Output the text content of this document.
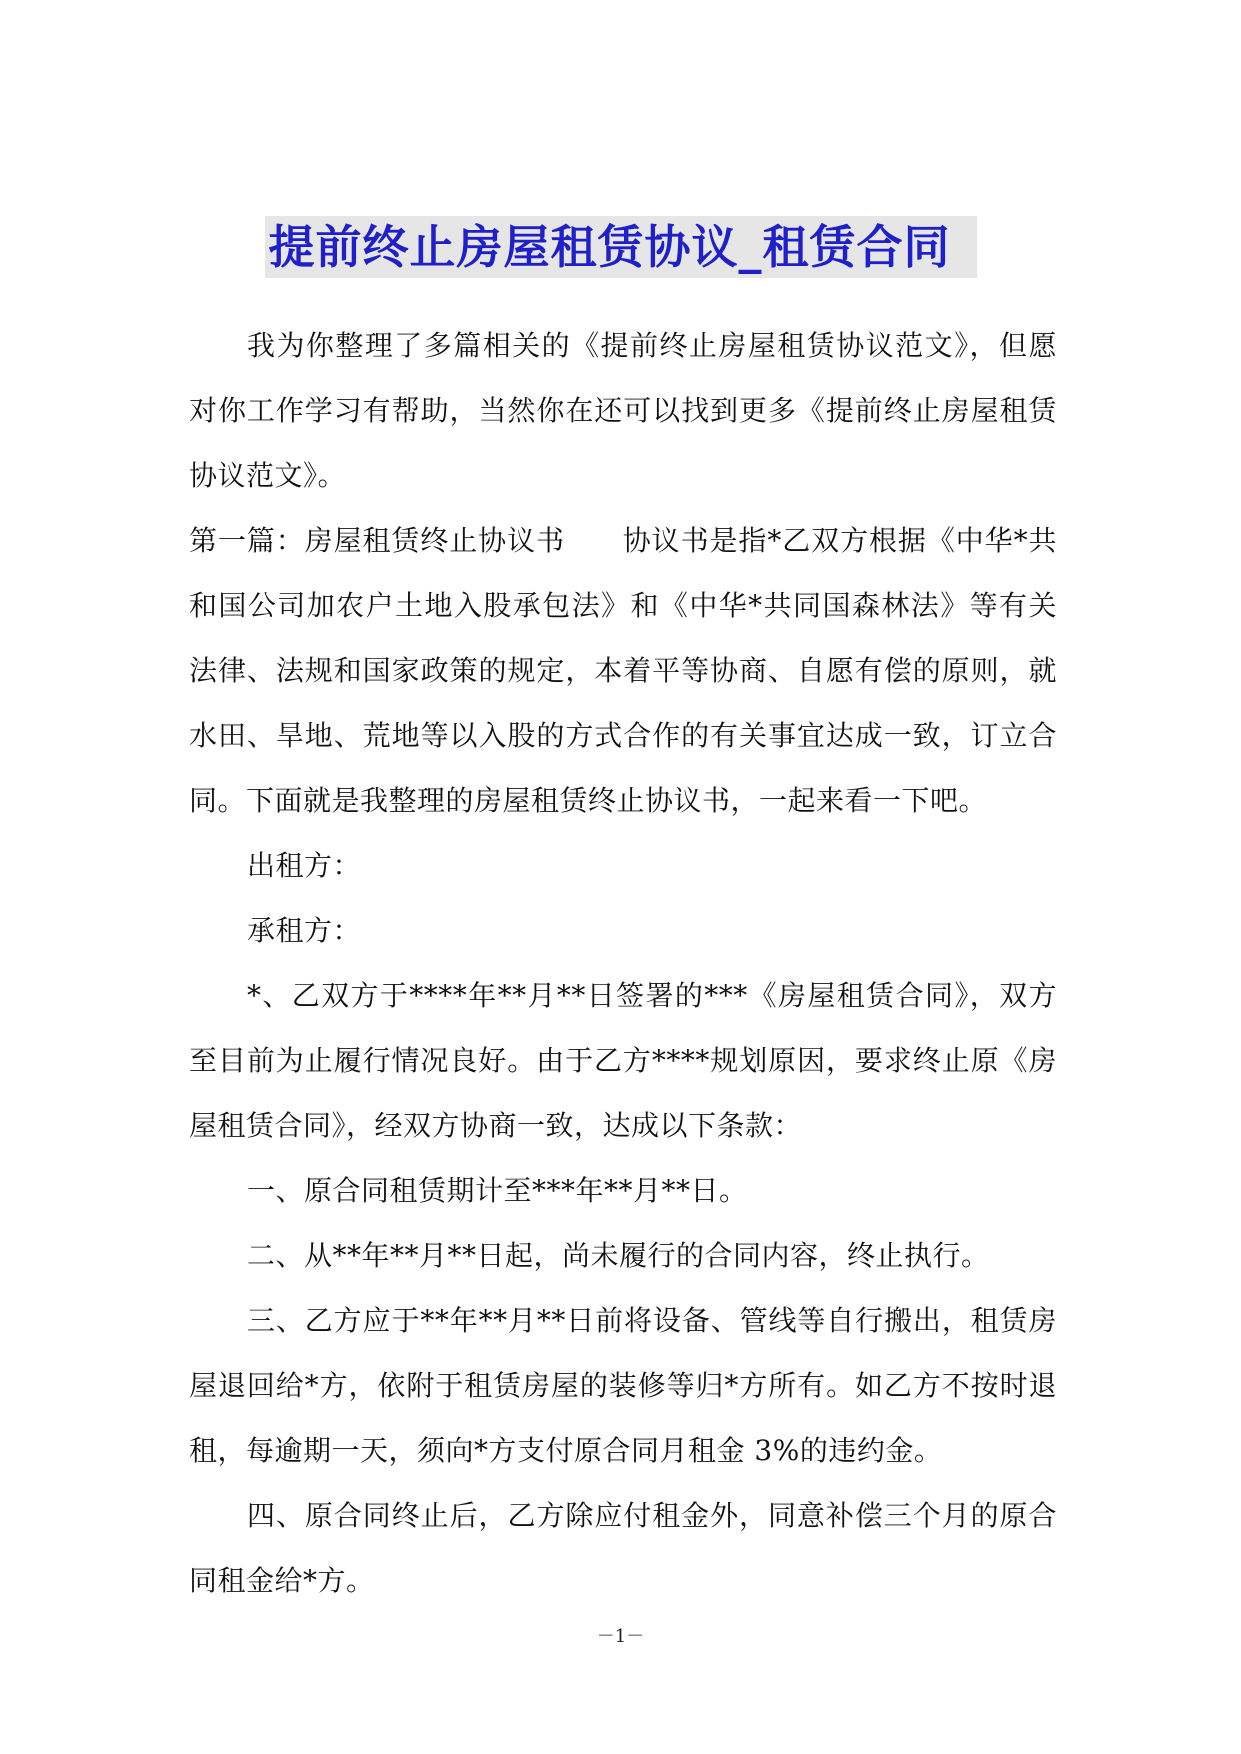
提前终止房屋租赁协议_租赁合同

我为你整理了多篇相关的《提前终止房屋租赁协议范文》，但愿对你工作学习有帮助，当然你在还可以找到更多《提前终止房屋租赁协议范文》。

第一篇：房屋租赁终止协议书　　协议书是指*乙双方根据《中华*共和国公司加农户土地入股承包法》和《中华*共同国森林法》等有关法律、法规和国家政策的规定，本着平等协商、自愿有偿的原则，就水田、旱地、荒地等以入股的方式合作的有关事宜达成一致，订立合同。下面就是我整理的房屋租赁终止协议书，一起来看一下吧。

出租方：

承租方：

*、乙双方于****年**月**日签署的***《房屋租赁合同》，双方至目前为止履行情况良好。由于乙方****规划原因，要求终止原《房屋租赁合同》，经双方协商一致，达成以下条款：

一、原合同租赁期计至***年**月**日。

二、从**年**月**日起，尚未履行的合同内容，终止执行。

三、乙方应于**年**月**日前将设备、管线等自行搬出，租赁房屋退回给*方，依附于租赁房屋的装修等归*方所有。如乙方不按时退租，每逾期一天，须向*方支付原合同月租金 3%的违约金。

四、原合同终止后，乙方除应付租金外，同意补偿三个月的原合同租金给*方。

－1－
